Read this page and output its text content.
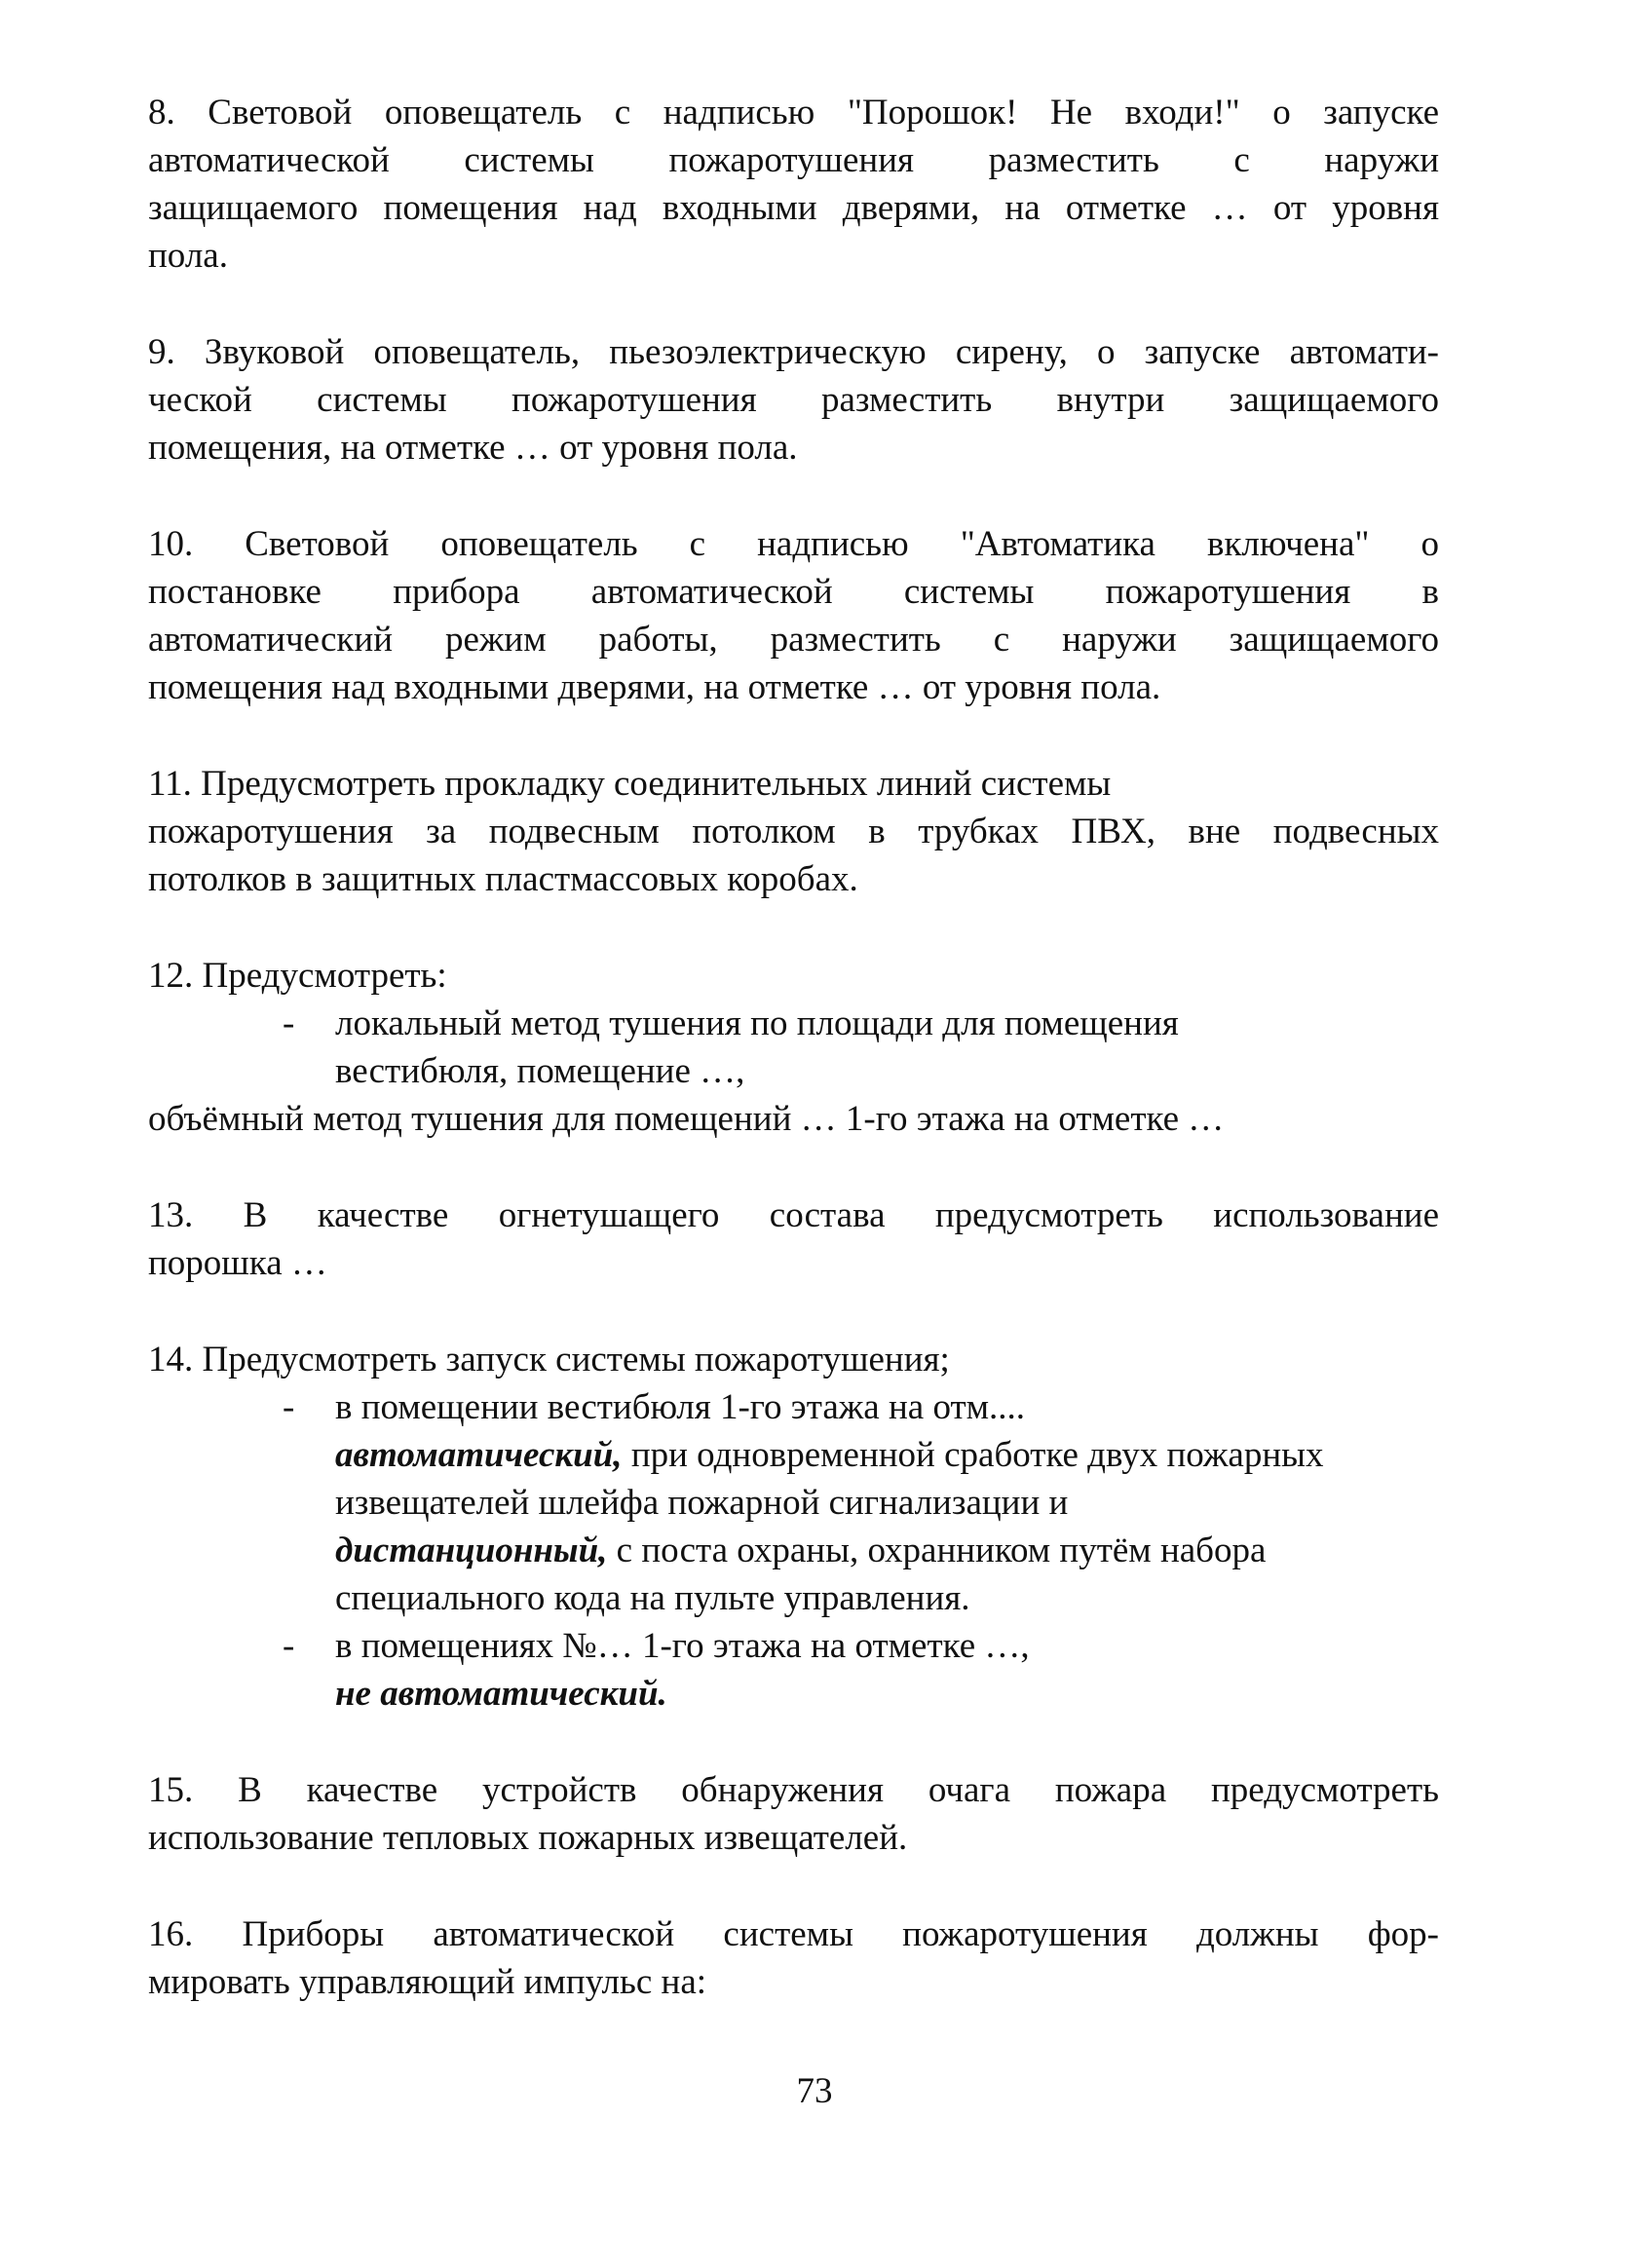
8. Световой оповещатель с надписью "Порошок! Не входи!" о запуске
автоматической системы пожаротушения разместить с наружи
защищаемого помещения над входными дверями, на отметке … от уровня
пола.
9. Звуковой оповещатель, пьезоэлектрическую сирену, о запуске автомати-
ческой системы пожаротушения разместить внутри защищаемого
помещения, на отметке … от уровня пола.
10. Световой оповещатель с надписью "Автоматика включена" о
постановке прибора автоматической системы пожаротушения в
автоматический режим работы, разместить с наружи защищаемого
помещения над входными дверями, на отметке … от уровня пола.
11. Предусмотреть прокладку соединительных линий системы
пожаротушения за подвесным потолком в трубках ПВХ, вне подвесных
потолков в защитных пластмассовых коробах.
12. Предусмотреть:
- локальный метод тушения по площади для помещения
вестибюля, помещение …,
объёмный метод тушения для помещений … 1-го этажа на отметке …
13. В качестве огнетушащего состава предусмотреть использование
порошка …
14. Предусмотреть запуск системы пожаротушения;
- в помещении вестибюля 1-го этажа на отм....
автоматический, при одновременной сработке двух пожарных
извещателей шлейфа пожарной сигнализации и
дистанционный, с поста охраны, охранником путём набора
специального кода на пульте управления.
- в помещениях №… 1-го этажа на отметке …,
не автоматический.
15. В качестве устройств обнаружения очага пожара предусмотреть
использование тепловых пожарных извещателей.
16. Приборы автоматической системы пожаротушения должны фор-
мировать управляющий импульс на:
73
